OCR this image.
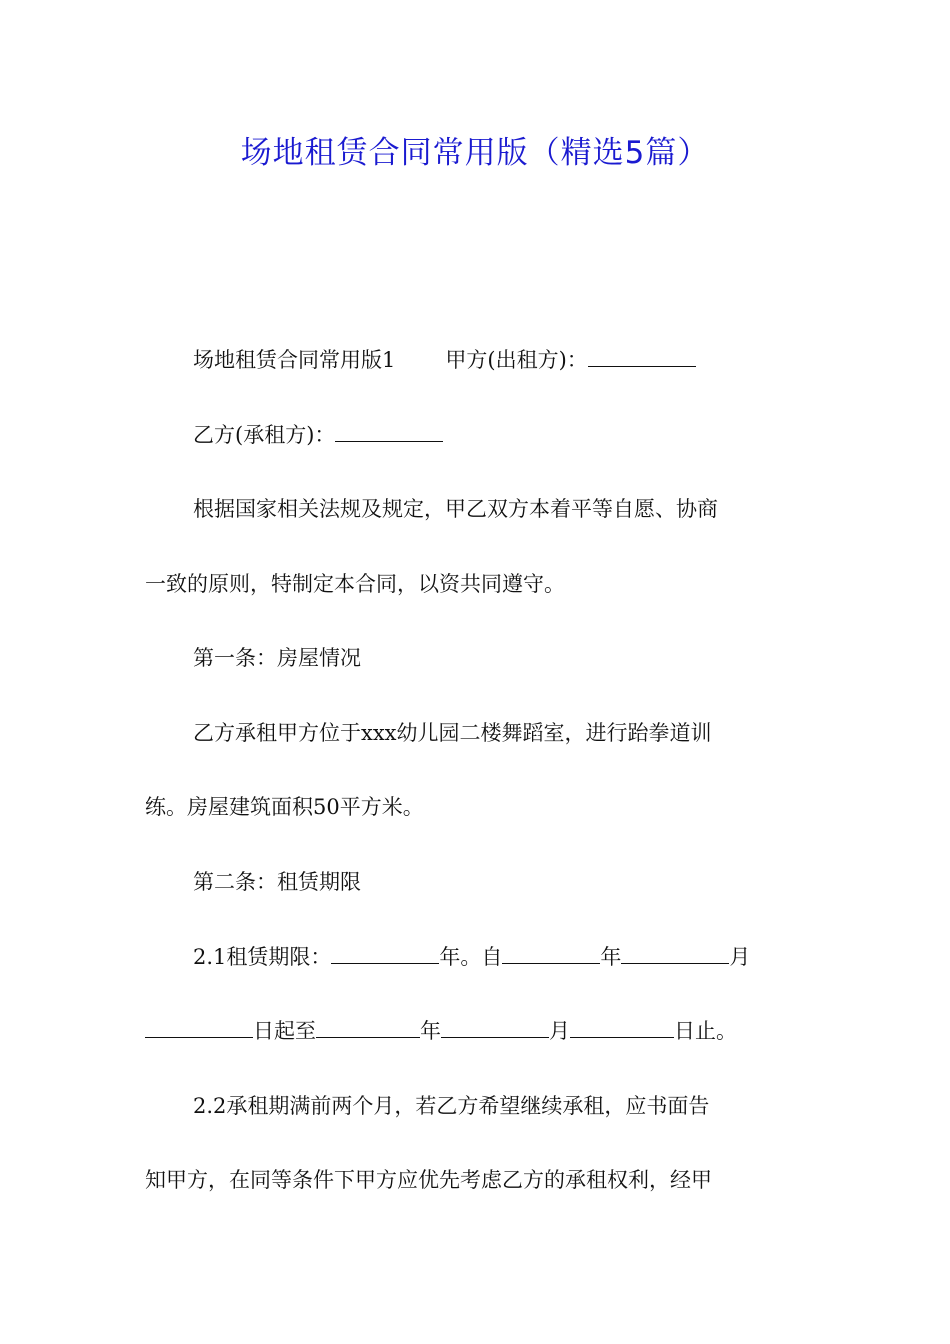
场地租赁合同常用版（精选5篇）

场地租赁合同常用版1 甲方(出租方)：

乙方(承租方)：

根据国家相关法规及规定，甲乙双方本着平等自愿、协商

一致的原则，特制定本合同，以资共同遵守。

第一条：房屋情况

乙方承租甲方位于xxx幼儿园二楼舞蹈室，进行跆拳道训

练。房屋建筑面积50平方米。

第二条：租赁期限

2.1租赁期限：	年。自	年	月

日起至	年	月	日止。

2.2承租期满前两个月，若乙方希望继续承租，应书面告

知甲方，在同等条件下甲方应优先考虑乙方的承租权利，经甲
